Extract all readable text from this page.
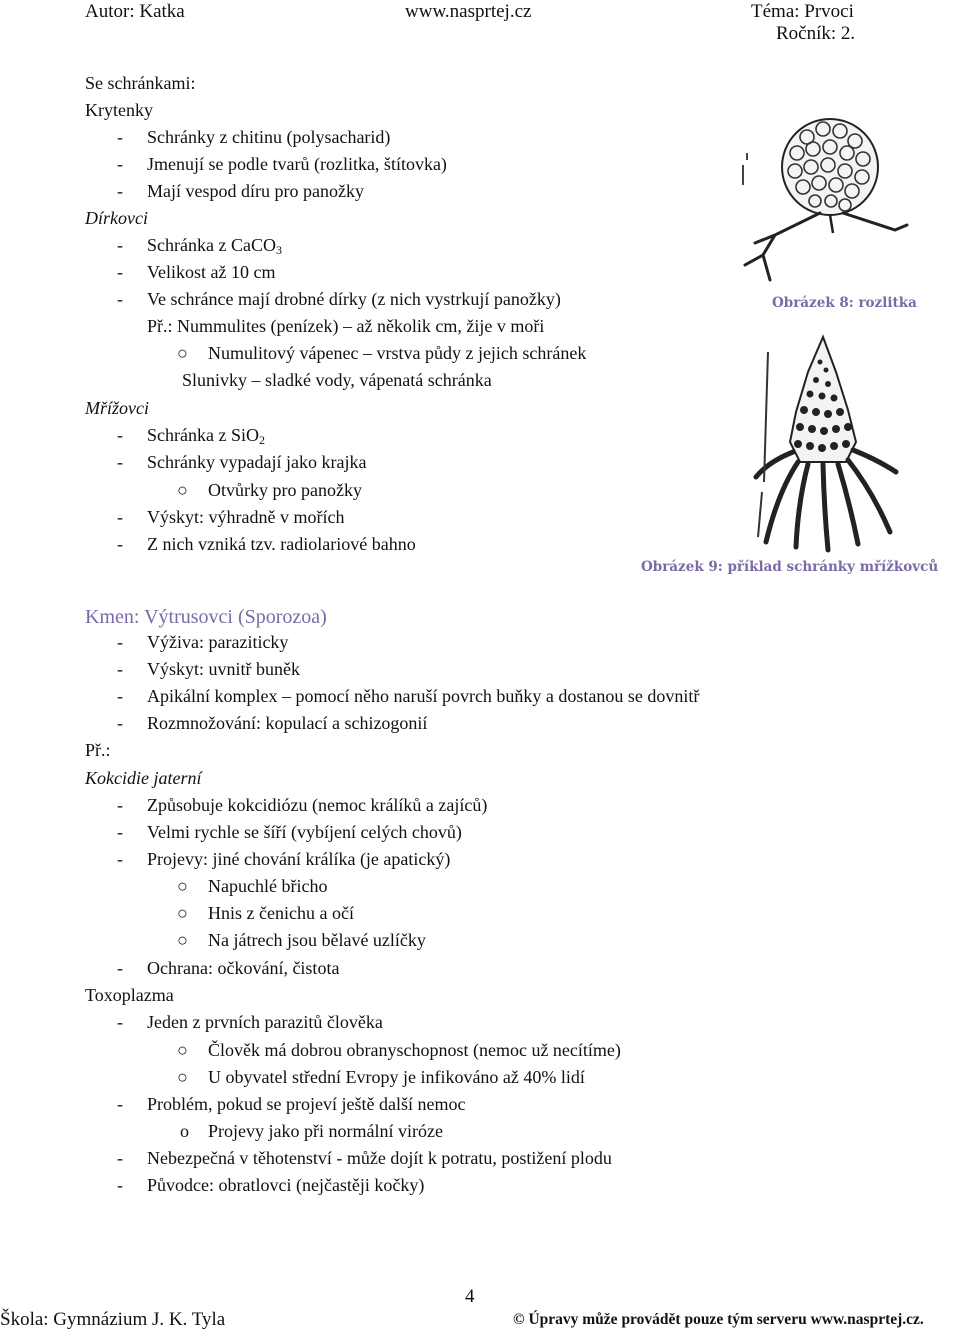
Autor: Katka	www.nasprtej.cz	Téma: Prvoci
Ročník: 2.
Se schránkami:
Krytenky
- Schránky z chitinu (polysacharid)
- Jmenují se podle tvarů (rozlitka, štítovka)
- Mají vespod díru pro panožky
Dírkovci
- Schránka z CaCO$_3$
- Velikost až 10 cm
- Ve schránce mají drobné dírky (z nich vystrkují panožky)
Př.: Nummulites (penízek) – až několik cm, žije v moři
○ Numulitový vápenec – vrstva půdy z jejich schránek
Slunivky – sladké vody, vápenatá schránka
Mřížovci
- Schránka z SiO$_2$
- Schránky vypadají jako krajka
○ Otvůrky pro panožky
- Výskyt: výhradně v mořích
- Z nich vzniká tzv. radiolariové bahno
Obrázek 8: rozlitka
Obrázek 9: příklad schránky mřížkovců
Kmen: Výtrusovci (Sporozoa)
- Výživa: paraziticky
- Výskyt: uvnitř buněk
- Apikální komplex – pomocí něho naruší povrch buňky a dostanou se dovnitř
- Rozmnožování: kopulací a schizogonií
Př.:
Kokcidie jaterní
- Způsobuje kokcidiózu (nemoc králíků a zajíců)
- Velmi rychle se šíří (vybíjení celých chovů)
- Projevy: jiné chování králíka (je apatický)
○ Napuchlé břicho
○ Hnis z čenichu a očí
○ Na játrech jsou bělavé uzlíčky
- Ochrana: očkování, čistota
Toxoplazma
- Jeden z prvních parazitů člověka
○ Člověk má dobrou obranyschopnost (nemoc už necítíme)
○ U obyvatel střední Evropy je infikováno až 40% lidí
- Problém, pokud se projeví ještě další nemoc
o Projevy jako při normální viróze
- Nebezpečná v těhotenství - může dojít k potratu, postižení plodu
- Původce: obratlovci (nejčastěji kočky)
4
Škola: Gymnázium J. K. Tyla	© Úpravy může provádět pouze tým serveru www.nasprtej.cz.
